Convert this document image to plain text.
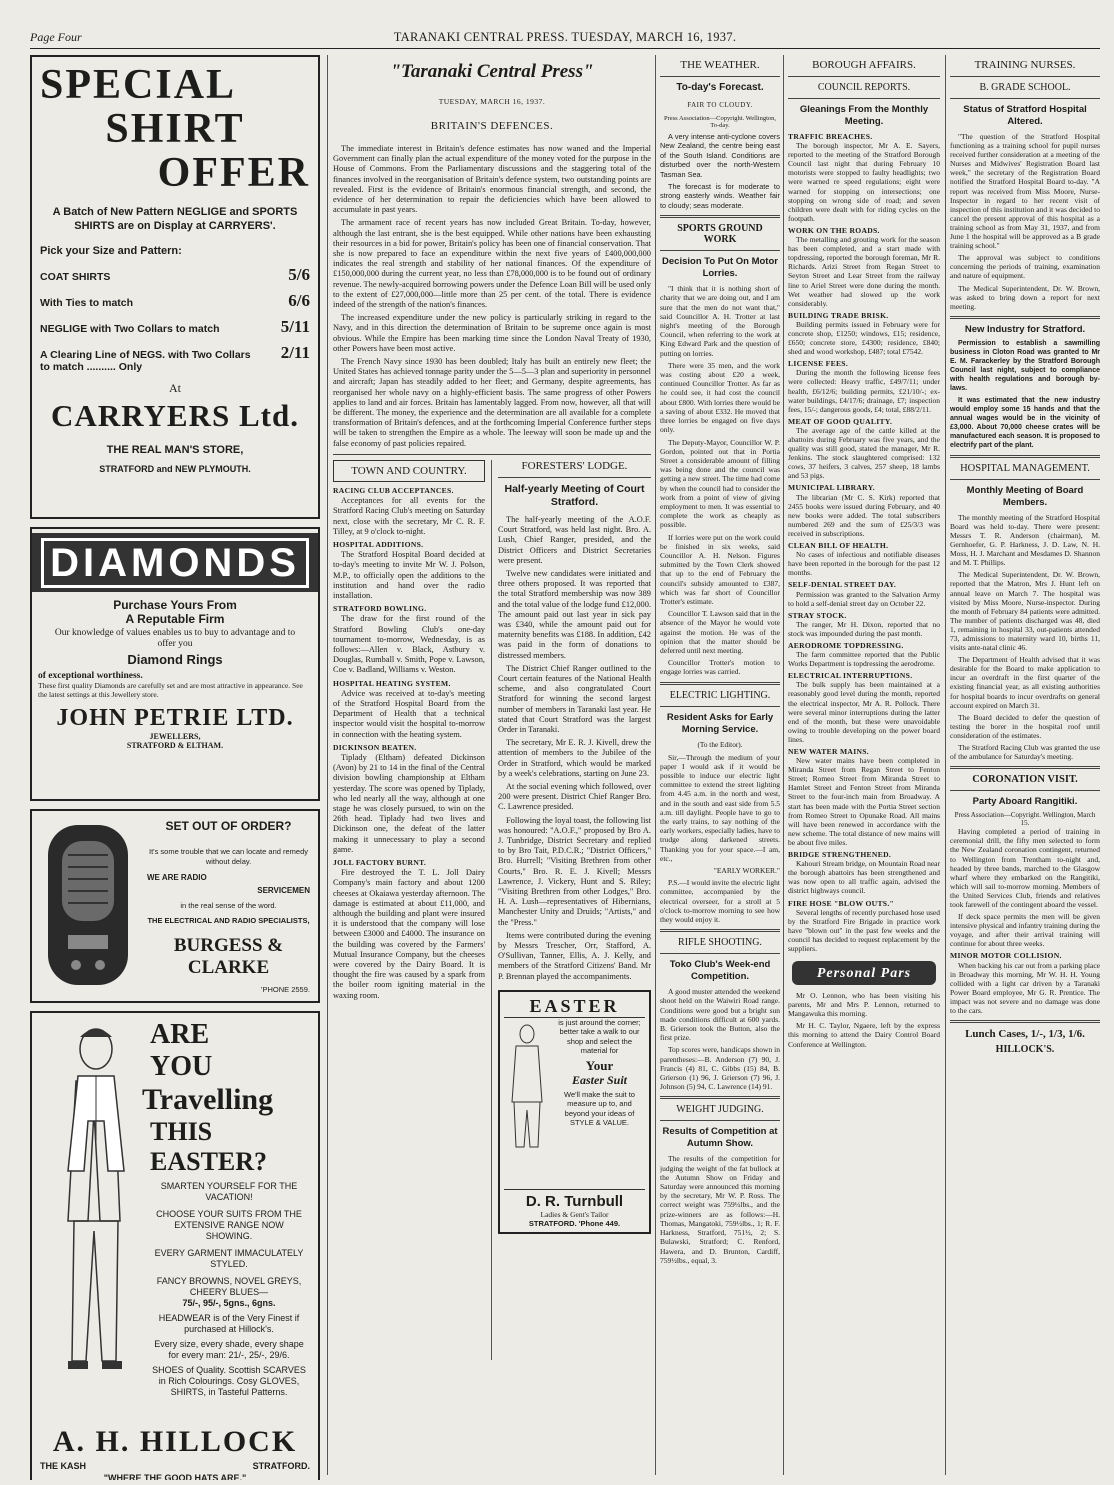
Page Four	TARANAKI CENTRAL PRESS. TUESDAY, MARCH 16, 1937.
SPECIAL
SHIRT
OFFER
A Batch of New Pattern NEGLIGE and SPORTS SHIRTS are on Display at CARRYERS'.
Pick your Size and Pattern:
COAT SHIRTS	5/6
With Ties to match	6/6
NEGLIGE with Two Collars to match	5/11
A Clearing Line of NEGS. with Two Collars to match .......... Only
2/11
At
CARRYERS Ltd.
THE REAL MAN'S STORE,
STRATFORD and NEW PLYMOUTH.
DIAMONDS
Purchase Yours From
A Reputable Firm
Our knowledge of values enables us to buy to advantage and to offer you
Diamond Rings
of exceptional worthiness.
These first quality Diamonds are carefully set and are most attractive in appearance. See the latest settings at this Jewellery store.
JOHN PETRIE LTD.
JEWELLERS,
STRATFORD & ELTHAM.
SET OUT OF ORDER?
It's some trouble that we can locate and remedy without delay.
WE ARE RADIO
SERVICEMEN
in the real sense of the word.
THE ELECTRICAL AND RADIO SPECIALISTS,
BURGESS & CLARKE
'PHONE 2559.
ARE
YOU
Travelling
THIS
EASTER?
SMARTEN YOURSELF FOR THE VACATION!
CHOOSE YOUR SUITS FROM THE EXTENSIVE RANGE NOW SHOWING.
EVERY GARMENT IMMACULATELY STYLED.
FANCY BROWNS, NOVEL GREYS, CHEERY BLUES—
75/-, 95/-, 5gns., 6gns.
HEADWEAR is of the Very Finest if purchased at Hillock's.
Every size, every shade, every shape for every man: 21/-, 25/-, 29/6.
SHOES of Quality. Scottish SCARVES in Rich Colourings. Cosy GLOVES, SHIRTS, in Tasteful Patterns.
A. H. HILLOCK
THE KASH	STRATFORD.
"WHERE THE GOOD HATS ARE."
"Taranaki Central Press"
TUESDAY, MARCH 16, 1937.
BRITAIN'S DEFENCES.

The immediate interest in Britain's defence estimates has now waned and the Imperial Government can finally plan the actual expenditure of the money voted for the purpose in the House of Commons. From the Parliamentary discussions and the staggering total of the finances involved in the reorganisation of Britain's defence system, two outstanding points are revealed. First is the evidence of Britain's enormous financial strength, and second, the evidence of her determination to repair the deficiencies which have been allowed to accumulate in past years.

The armament race of recent years has now included Great Britain. To-day, however, although the last entrant, she is the best equipped. While other nations have been exhausting their resources in a bid for power, Britain's policy has been one of financial conservation. That she is now prepared to face an expenditure within the next five years of £400,000,000 indicates the real strength and stability of her national finances. Of the expenditure of £150,000,000 during the current year, no less than £78,000,000 is to be found out of ordinary revenue. The newly-acquired borrowing powers under the Defence Loan Bill will be used only to the extent of £27,000,000—little more than 25 per cent. of the total. There is evidence indeed of the strength of the nation's finances.

The increased expenditure under the new policy is particularly striking in regard to the Navy, and in this direction the determination of Britain to be supreme once again is most obvious. While the Empire has been marking time since the London Naval Treaty of 1930, other Powers have been most active.

The French Navy since 1930 has been doubled; Italy has built an entirely new fleet; the United States has achieved tonnage parity under the 5—5—3 plan and superiority in personnel and aircraft; Japan has steadily added to her fleet; and Germany, despite agreements, has reorganised her whole navy on a highly-efficient basis. The same progress of other Powers applies to land and air forces. Britain has lamentably lagged. From now, however, all that will be different. The money, the experience and the determination are all available for a complete transformation of Britain's defences, and at the forthcoming Imperial Conference further steps will be taken to strengthen the Empire as a whole. The leeway will soon be made up and the false economy of past policies repaired.

TOWN AND COUNTRY.
RACING CLUB ACCEPTANCES.

Acceptances for all events for the Stratford Racing Club's meeting on Saturday next, close with the secretary, Mr C. R. F. Tilley, at 9 o'clock to-night.

HOSPITAL ADDITIONS.

The Stratford Hospital Board decided at to-day's meeting to invite Mr W. J. Polson, M.P., to officially open the additions to the institution and hand over the radio installation.

STRATFORD BOWLING.

The draw for the first round of the Stratford Bowling Club's one-day tournament to-morrow, Wednesday, is as follows:—Allen v. Black, Astbury v. Douglas, Rumball v. Smith, Pope v. Lawson, Coe v. Badland, Williams v. Weston.

HOSPITAL HEATING SYSTEM.

Advice was received at to-day's meeting of the Stratford Hospital Board from the Department of Health that a technical inspector would visit the hospital to-morrow in connection with the heating system.

DICKINSON BEATEN.

Tiplady (Eltham) defeated Dickinson (Avon) by 21 to 14 in the final of the Central division bowling championship at Eltham yesterday. The score was opened by Tiplady, who led nearly all the way, although at one stage he was closely pursued, to win on the 26th head. Tiplady had two lives and Dickinson one, the defeat of the latter making it unnecessary to play a second game.

JOLL FACTORY BURNT.

Fire destroyed the T. L. Joll Dairy Company's main factory and about 1200 cheeses at Okaiawa yesterday afternoon. The damage is estimated at about £11,000, and although the building and plant were insured it is understood that the company will lose between £3000 and £4000. The insurance on the building was covered by the Farmers' Mutual Insurance Company, but the cheeses were covered by the Dairy Board. It is thought the fire was caused by a spark from the boiler room igniting material in the waxing room.

FORESTERS' LODGE.
Half-yearly Meeting of Court Stratford.

The half-yearly meeting of the A.O.F. Court Stratford, was held last night. Bro. A. Lush, Chief Ranger, presided, and the District Officers and District Secretaries were present.

Twelve new candidates were initiated and three others proposed. It was reported that the total Stratford membership was now 389 and the total value of the lodge fund £12,000. The amount paid out last year in sick pay was £340, while the amount paid out for maternity benefits was £188. In addition, £42 was paid in the form of donations to distressed members.

The District Chief Ranger outlined to the Court certain features of the National Health scheme, and also congratulated Court Stratford for winning the second largest number of members in Taranaki last year. He stated that Court Stratford was the largest Order in Taranaki.

The secretary, Mr E. R. J. Kivell, drew the attention of members to the Jubilee of the Order in Stratford, which would be marked by a week's celebrations, starting on June 23.

At the social evening which followed, over 200 were present. District Chief Ranger Bro. C. Lawrence presided.

Following the loyal toast, the following list was honoured: "A.O.F.," proposed by Bro A. J. Tunbridge, District Secretary and replied to by Bro Tait, P.D.C.R.; "District Officers," Bro. Hurrell; "Visiting Brethren from other Courts," Bro. R. E. J. Kivell; Messrs Lawrence, J. Vickery, Hunt and S. Riley; "Visiting Brethren from other Lodges," Bro. H. A. Lush—representatives of Hibernians, Manchester Unity and Druids; "Artists," and the "Press."

Items were contributed during the evening by Messrs Trescher, Orr, Stafford, A. O'Sullivan, Tanner, Ellis, A. J. Kelly, and members of the Stratford Citizens' Band. Mr P. Brennan played the accompaniments.

EASTER
is just around the corner; better take a walk to our shop and select the material for
Your
Easter Suit
We'll make the suit to measure up to, and beyond your ideas of STYLE & VALUE.
D. R. Turnbull
Ladies & Gent's Tailor
STRATFORD. 'Phone 449.
THE WEATHER.
To-day's Forecast.
FAIR TO CLOUDY.
Press Association—Copyright. Wellington, To-day.

A very intense anti-cyclone covers New Zealand, the centre being east of the South Island. Conditions are disturbed over the north-Western Tasman Sea.

The forecast is for moderate to strong easterly winds. Weather fair to cloudy; seas moderate.

SPORTS GROUND WORK
Decision To Put On Motor Lorries.

"I think that it is nothing short of charity that we are doing out, and I am sure that the men do not want that," said Councillor A. H. Trotter at last night's meeting of the Borough Council, when referring to the work at King Edward Park and the question of putting on lorries.

There were 35 men, and the work was costing about £20 a week, continued Councillor Trotter. As far as he could see, it had cost the council about £800. With lorries there would be a saving of about £332. He moved that three lorries be engaged on five days only.

The Deputy-Mayor, Councillor W. P. Gordon, pointed out that in Portia Street a considerable amount of filling was being done and the council was getting a new street. The time had come by when the council had to consider the work from a point of view of giving employment to men. It was essential to complete the work as cheaply as possible.

If lorries were put on the work could be finished in six weeks, said Councillor A. H. Nelson. Figures submitted by the Town Clerk showed that up to the end of February the council's subsidy amounted to £387, which was far short of Councillor Trotter's estimate.

Councillor T. Lawson said that in the absence of the Mayor he would vote against the motion. He was of the opinion that the matter should be deferred until next meeting.

Councillor Trotter's motion to engage lorries was carried.

ELECTRIC LIGHTING.
Resident Asks for Early Morning Service.
(To the Editor).

Sir,—Through the medium of your paper I would ask if it would be possible to induce our electric light committee to extend the street lighting from 4.45 a.m. in the north and west, and in the south and east side from 5.5 a.m. till daylight. People have to go to the early trains, to say nothing of the early workers, especially ladies, have to trudge along darkened streets. Thanking you for your space.—I am, etc.,

"EARLY WORKER."

P.S.—I would invite the electric light committee, accompanied by the electrical overseer, for a stroll at 5 o'clock to-morrow morning to see how they would enjoy it.

RIFLE SHOOTING.
Toko Club's Week-end Competition.

A good muster attended the weekend shoot held on the Waiwiri Road range. Conditions were good but a bright sun made conditions difficult at 600 yards. B. Grierson took the Button, also the first prize.

Top scores were, handicaps shown in parentheses:—B. Anderson (7) 90, J. Francis (4) 81, C. Gibbs (15) 84, B. Grierson (1) 96, J. Grierson (7) 96, J. Johnson (5) 94, C. Lawrence (14) 91.

WEIGHT JUDGING.
Results of Competition at Autumn Show.

The results of the competition for judging the weight of the fat bullock at the Autumn Show on Friday and Saturday were announced this morning by the secretary, Mr W. P. Ross. The correct weight was 759½lbs., and the prize-winners are as follows:—H. Thomas, Mangatoki, 759½lbs., 1; R. F. Harkness, Stratford, 751½, 2; S. Bulawski, Stratford; C. Renford, Hawera, and D. Brunton, Cardiff, 759½lbs., equal, 3.

BOROUGH AFFAIRS.
COUNCIL REPORTS.
Gleanings From the Monthly Meeting.
TRAFFIC BREACHES.

The borough inspector, Mr A. E. Sayers, reported to the meeting of the Stratford Borough Council last night that during February 10 motorists were stopped to faulty headlights; two were warned re speed regulations; eight were warned for stopping on intersections; one stopping on wrong side of road; and seven children were dealt with for riding cycles on the footpath.

WORK ON THE ROADS.

The metalling and grouting work for the season has been completed, and a start made with topdressing, reported the borough foreman, Mr R. Richards. Arizi Street from Regan Street to Seyton Street and Lear Street from the railway line to Ariel Street were done during the month. Wet weather had slowed up the work considerably.

BUILDING TRADE BRISK.

Building permits issued in February were for concrete shop, £1250; windows, £15; residence, £650; concrete store, £4300; residence, £840; shed and wood workshop, £487; total £7542.

LICENSE FEES.

During the month the following license fees were collected: Heavy traffic, £49/7/11; under health, £6/12/6; building permits, £21/10/-; ex-water buildings, £4/17/6; drainage, £7; inspection fees, 15/-; dangerous goods, £4; total, £88/2/11.

MEAT OF GOOD QUALITY.

The average age of the cattle killed at the abattoirs during February was five years, and the quality was still good, stated the manager, Mr R. Jenkins. The stock slaughtered comprised: 132 cows, 37 heifers, 3 calves, 257 sheep, 18 lambs and 53 pigs.

MUNICIPAL LIBRARY.

The librarian (Mr C. S. Kirk) reported that 2455 books were issued during February, and 40 new books were added. The total subscribers numbered 269 and the sum of £25/3/3 was received in subscriptions.

CLEAN BILL OF HEALTH.

No cases of infectious and notifiable diseases have been reported in the borough for the past 12 months.

SELF-DENIAL STREET DAY.

Permission was granted to the Salvation Army to hold a self-denial street day on October 22.

STRAY STOCK.

The ranger, Mr H. Dixon, reported that no stock was impounded during the past month.

AERODROME TOPDRESSING.

The farm committee reported that the Public Works Department is topdressing the aerodrome.

ELECTRICAL INTERRUPTIONS.

The bulk supply has been maintained at a reasonably good level during the month, reported the electrical inspector, Mr A. R. Pollock. There were several minor interruptions during the latter end of the month, but these were unavoidable owing to trouble developing on the power board lines.

NEW WATER MAINS.

New water mains have been completed in Miranda Street from Regan Street to Fenton Street; Romeo Street from Miranda Street to Hamlet Street and Fenton Street from Miranda Street to the four-inch main from Broadway. A start has been made with the Portia Street section from Romeo Street to Opunake Road. All mains will have been renewed in accordance with the new scheme. The total distance of new mains will be about five miles.

BRIDGE STRENGTHENED.

Kahouri Stream bridge, on Mountain Road near the borough abattoirs has been strengthened and was now open to all traffic again, advised the district highways council.

FIRE HOSE "BLOW OUTS."

Several lengths of recently purchased hose used by the Stratford Fire Brigade in practice work have "blown out" in the past few weeks and the council has decided to request replacement by the suppliers.

Personal Pars

Mr O. Lennon, who has been visiting his parents, Mr and Mrs P. Lennon, returned to Mangawuka this morning.

Mr H. C. Taylor, Ngaere, left by the express this morning to attend the Dairy Control Board Conference at Wellington.

TRAINING NURSES.
B. GRADE SCHOOL.
Status of Stratford Hospital Altered.

"The question of the Stratford Hospital functioning as a training school for pupil nurses received further consideration at a meeting of the Nurses and Midwives' Registration Board last week," the secretary of the Registration Board notified the Stratford Hospital Board to-day. "A report was received from Miss Moore, Nurse-Inspector in regard to her recent visit of inspection of this institution and it was decided to cancel the present approval of this hospital as a training school as from May 31, 1937, and from June 1 the hospital will be approved as a B grade training school."

The approval was subject to conditions concerning the periods of training, examination and nature of equipment.

The Medical Superintendent, Dr. W. Brown, was asked to bring down a report for next meeting.

New Industry for Stratford.

Permission to establish a sawmilling business in Cloton Road was granted to Mr E. M. Farackerley by the Stratford Borough Council last night, subject to compliance with health regulations and borough by-laws.

It was estimated that the new industry would employ some 15 hands and that the annual wages would be in the vicinity of £3,000. About 70,000 cheese crates will be manufactured each season. It is proposed to electrify part of the plant.

HOSPITAL MANAGEMENT.
Monthly Meeting of Board Members.

The monthly meeting of the Stratford Hospital Board was held to-day. There were present: Messrs T. R. Anderson (chairman), M. Gernhoefer, G. P. Harkness, J. D. Law, N. H. Moss, H. J. Marchant and Mesdames D. Shannon and M. T. Phillips.

The Medical Superintendent, Dr. W. Brown, reported that the Matron, Mrs J. Hunt left on annual leave on March 7. The hospital was visited by Miss Moore, Nurse-inspector. During the month of February 84 patients were admitted. The number of patients discharged was 48, died 1, remaining in hospital 33, out-patients attended 73, admissions to maternity ward 10, births 11, visits ante-natal clinic 46.

The Department of Health advised that it was desirable for the Board to make application to incur an overdraft in the first quarter of the existing financial year, as all existing authorities for hospital boards to incur overdrafts on general account expired on March 31.

The Board decided to defer the question of testing the borer in the hospital roof until consideration of the estimates.

The Stratford Racing Club was granted the use of the ambulance for Saturday's meeting.

CORONATION VISIT.
Party Aboard Rangitiki.
Press Association—Copyright. Wellington, March 15.

Having completed a period of training in ceremonial drill, the fifty men selected to form the New Zealand coronation contingent, returned to Wellington from Trentham to-night and, headed by three bands, marched to the Glasgow wharf where they embarked on the Rangitiki, which will sail to-morrow morning. Members of the United Services Club, friends and relatives took farewell of the contingent aboard the vessel.

If deck space permits the men will be given intensive physical and infantry training during the voyage, and after their arrival training will continue for about three weeks.

MINOR MOTOR COLLISION.

When backing his car out from a parking place in Broadway this morning, Mr W. H. H. Young collided with a light car driven by a Taranaki Power Board employee, Mr G. R. Prentice. The impact was not severe and no damage was done to the cars.

Lunch Cases, 1/-, 1/3, 1/6.
HILLOCK'S.
